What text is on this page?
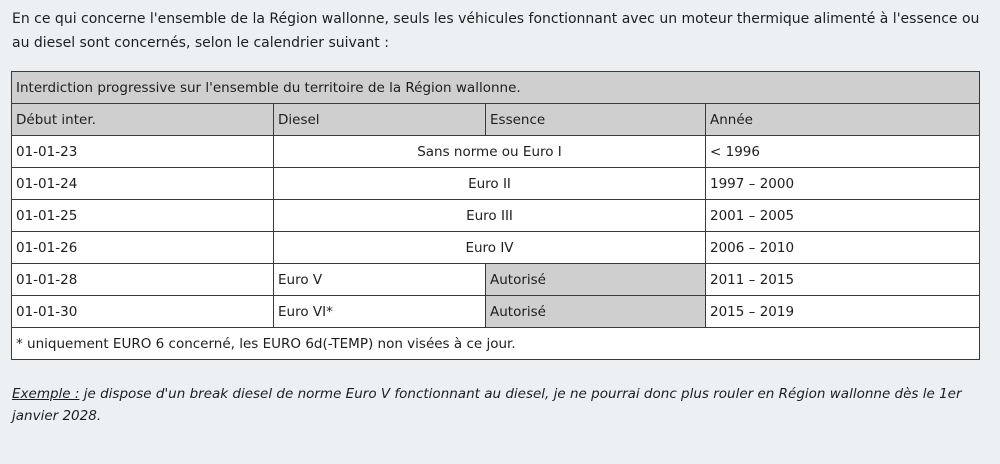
En ce qui concerne l'ensemble de la Région wallonne, seuls les véhicules fonctionnant avec un moteur thermique alimenté à l'essence ou au diesel sont concernés, selon le calendrier suivant :

Interdiction progressive sur l'ensemble du territoire de la Région wallonne.			
Début inter.	Diesel	Essence	Année
01-01-23	Sans norme ou Euro I		< 1996
01-01-24	Euro II		1997 – 2000
01-01-25	Euro III		2001 – 2005
01-01-26	Euro IV		2006 – 2010
01-01-28	Euro V	Autorisé	2011 – 2015
01-01-30	Euro VI*	Autorisé	2015 – 2019
* uniquement EURO 6 concerné, les EURO 6d(-TEMP) non visées à ce jour.			

Exemple : je dispose d'un break diesel de norme Euro V fonctionnant au diesel, je ne pourrai donc plus rouler en Région wallonne dès le 1er janvier 2028.
